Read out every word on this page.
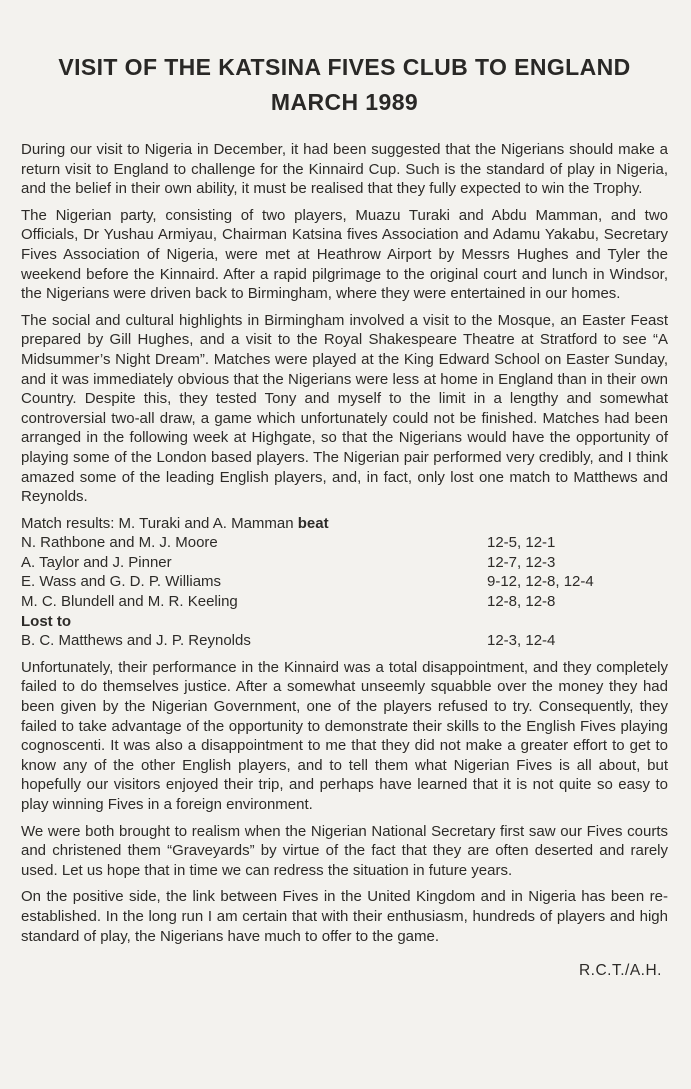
VISIT OF THE KATSINA FIVES CLUB TO ENGLAND
MARCH 1989

During our visit to Nigeria in December, it had been suggested that the Nigerians should make a return visit to England to challenge for the Kinnaird Cup. Such is the standard of play in Nigeria, and the belief in their own ability, it must be realised that they fully expected to win the Trophy.

The Nigerian party, consisting of two players, Muazu Turaki and Abdu Mamman, and two Officials, Dr Yushau Armiyau, Chairman Katsina fives Association and Adamu Yakabu, Secretary Fives Association of Nigeria, were met at Heathrow Airport by Messrs Hughes and Tyler the weekend before the Kinnaird. After a rapid pilgrimage to the original court and lunch in Windsor, the Nigerians were driven back to Birmingham, where they were entertained in our homes.

The social and cultural highlights in Birmingham involved a visit to the Mosque, an Easter Feast prepared by Gill Hughes, and a visit to the Royal Shakespeare Theatre at Stratford to see “A Midsummer’s Night Dream”. Matches were played at the King Edward School on Easter Sunday, and it was immediately obvious that the Nigerians were less at home in England than in their own Country. Despite this, they tested Tony and myself to the limit in a lengthy and somewhat controversial two-all draw, a game which unfortunately could not be finished. Matches had been arranged in the following week at Highgate, so that the Nigerians would have the opportunity of playing some of the London based players. The Nigerian pair performed very credibly, and I think amazed some of the leading English players, and, in fact, only lost one match to Matthews and Reynolds.

Match results: M. Turaki and A. Mamman beat
N. Rathbone and M. J. Moore	12-5, 12-1
A. Taylor and J. Pinner	12-7, 12-3
E. Wass and G. D. P. Williams	9-12, 12-8, 12-4
M. C. Blundell and M. R. Keeling	12-8, 12-8
Lost to
B. C. Matthews and J. P. Reynolds	12-3, 12-4

Unfortunately, their performance in the Kinnaird was a total disappointment, and they completely failed to do themselves justice. After a somewhat unseemly squabble over the money they had been given by the Nigerian Government, one of the players refused to try. Consequently, they failed to take advantage of the opportunity to demonstrate their skills to the English Fives playing cognoscenti. It was also a disappointment to me that they did not make a greater effort to get to know any of the other English players, and to tell them what Nigerian Fives is all about, but hopefully our visitors enjoyed their trip, and perhaps have learned that it is not quite so easy to play winning Fives in a foreign environment.

We were both brought to realism when the Nigerian National Secretary first saw our Fives courts and christened them “Graveyards” by virtue of the fact that they are often deserted and rarely used. Let us hope that in time we can redress the situation in future years.

On the positive side, the link between Fives in the United Kingdom and in Nigeria has been re-established. In the long run I am certain that with their enthusiasm, hundreds of players and high standard of play, the Nigerians have much to offer to the game.

R.C.T./A.H.
